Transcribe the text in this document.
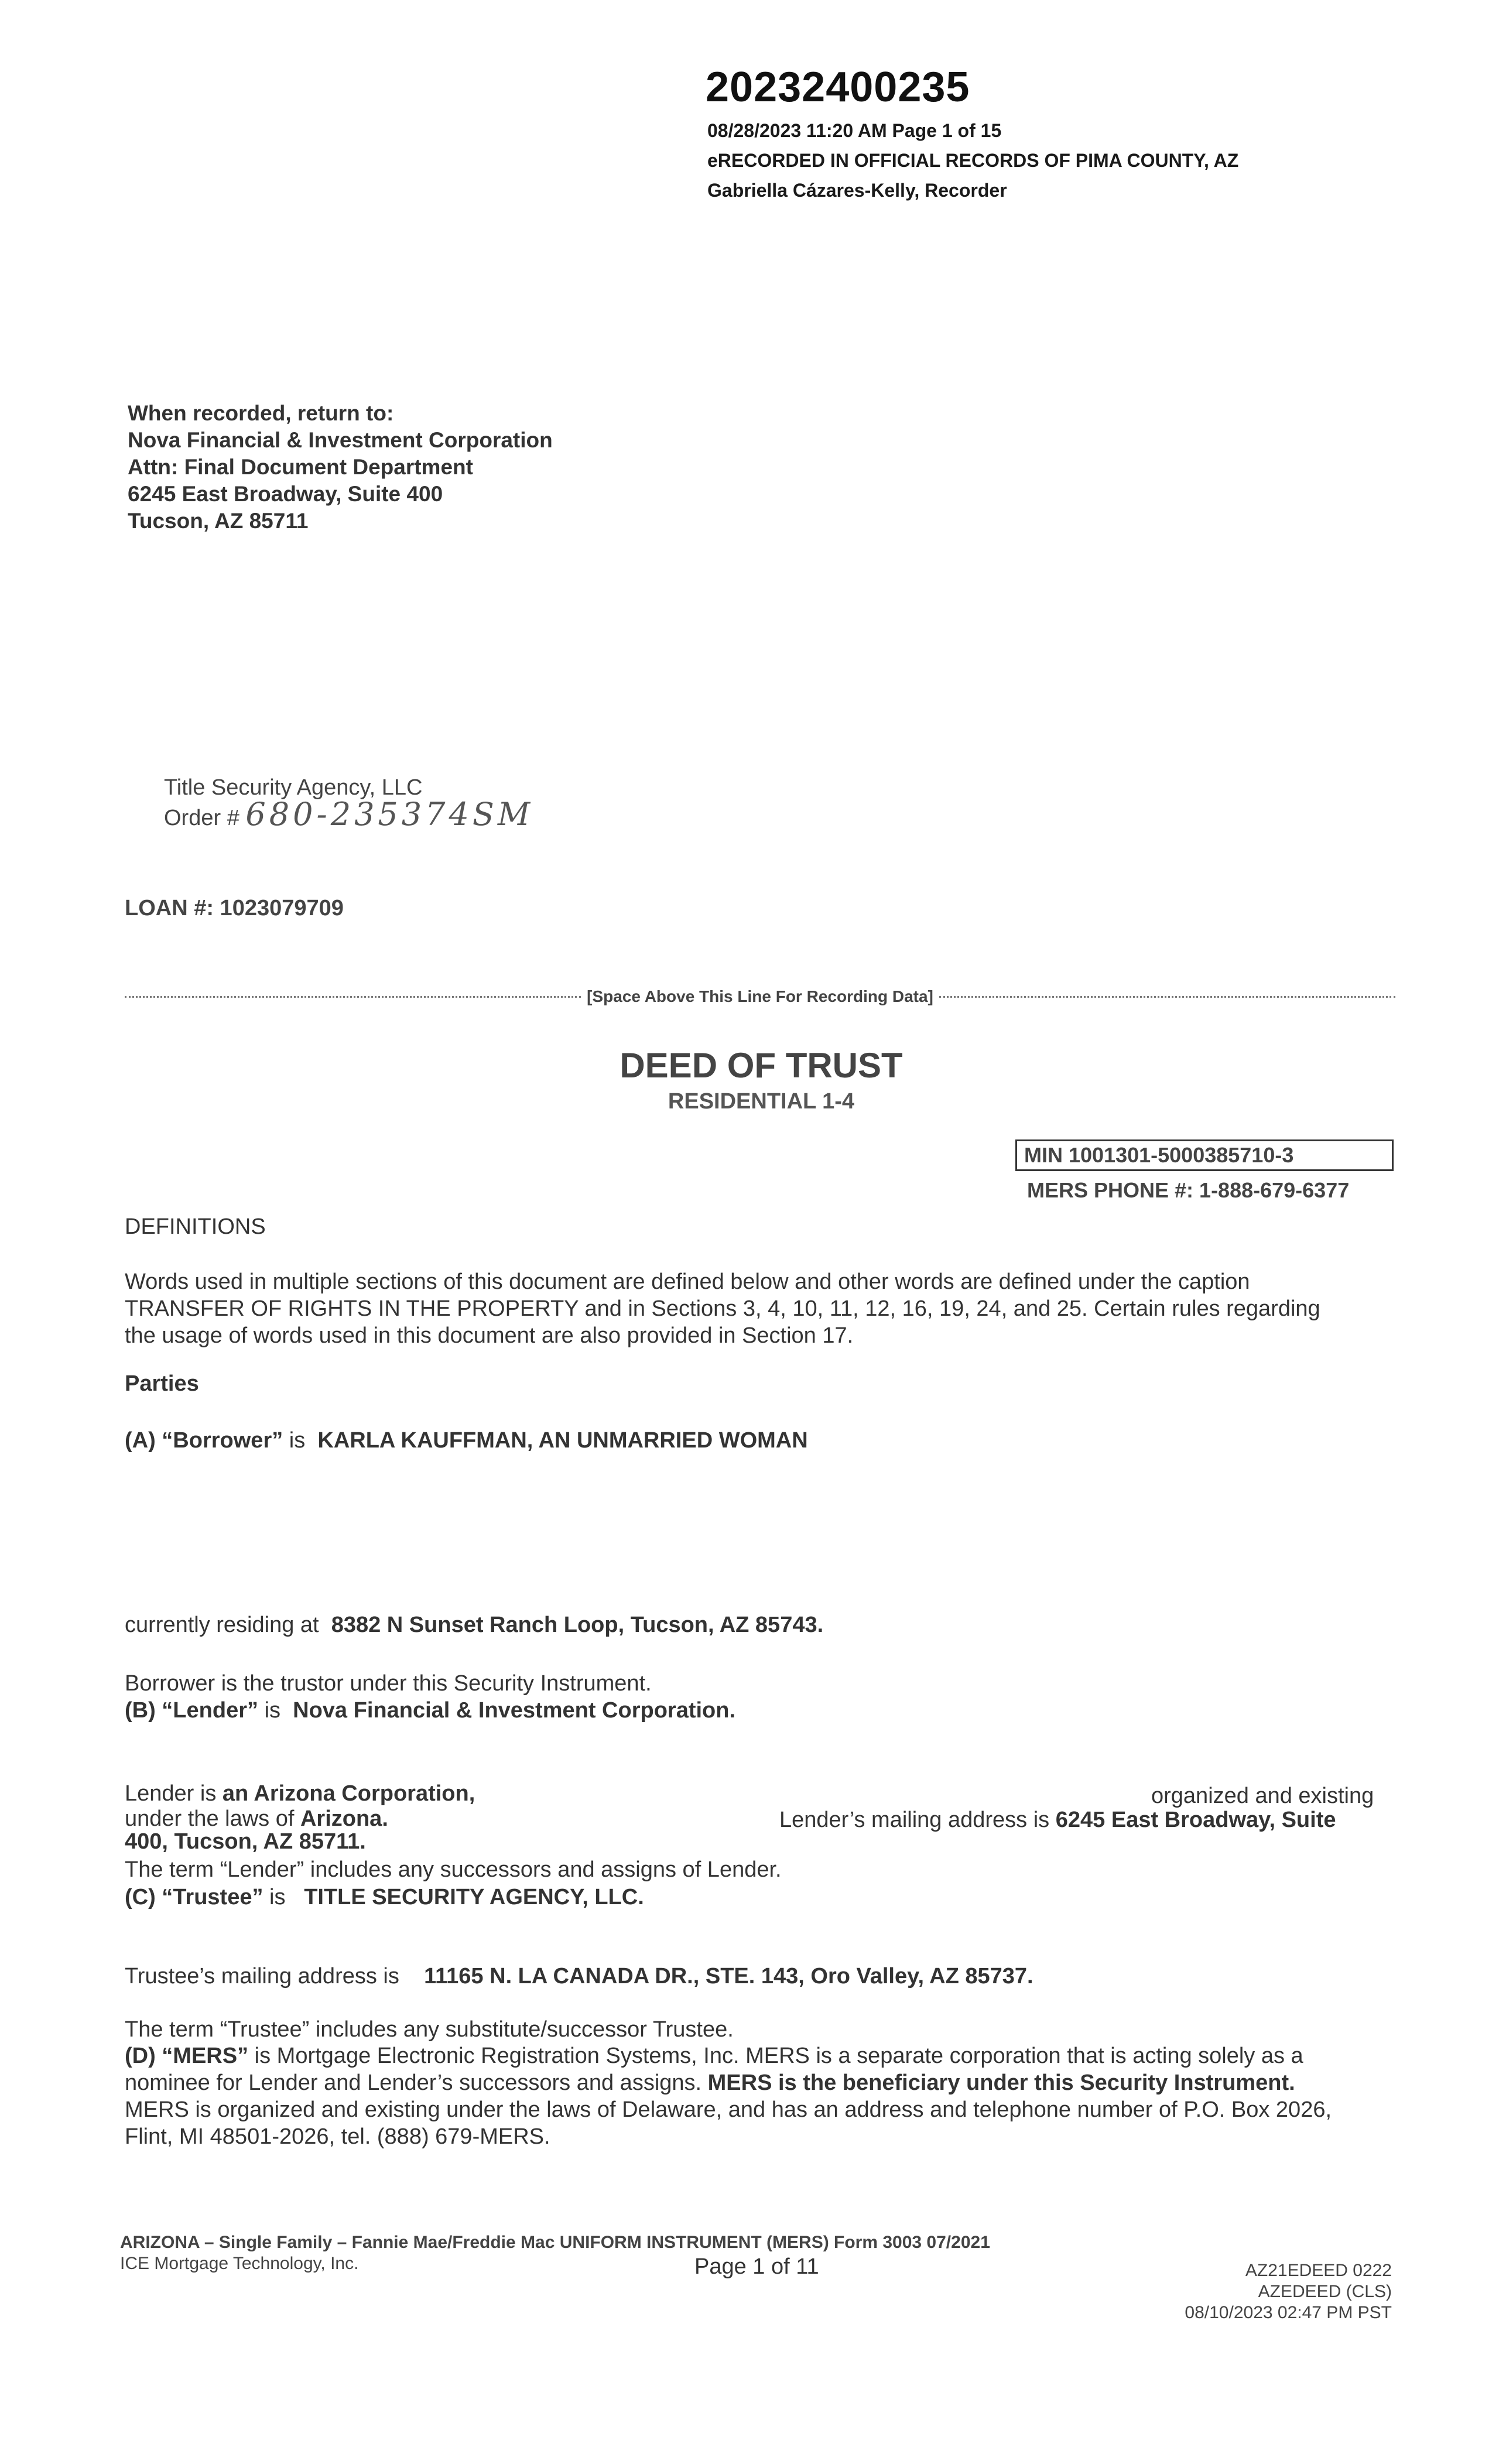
20232400235
08/28/2023 11:20 AM Page 1 of 15
eRECORDED IN OFFICIAL RECORDS OF PIMA COUNTY, AZ
Gabriella Cázares-Kelly, Recorder
When recorded, return to:
Nova Financial & Investment Corporation
Attn: Final Document Department
6245 East Broadway, Suite 400
Tucson, AZ 85711
Title Security Agency, LLC
Order # 680-235374SM
LOAN #: 1023079709
[Space Above This Line For Recording Data]
DEED OF TRUST
RESIDENTIAL 1-4
MIN 1001301-5000385710-3
MERS PHONE #: 1-888-679-6377
DEFINITIONS
Words used in multiple sections of this document are defined below and other words are defined under the caption
TRANSFER OF RIGHTS IN THE PROPERTY and in Sections 3, 4, 10, 11, 12, 16, 19, 24, and 25. Certain rules regarding
the usage of words used in this document are also provided in Section 17.
Parties
(A) “Borrower” is KARLA KAUFFMAN, AN UNMARRIED WOMAN
currently residing at 8382 N Sunset Ranch Loop, Tucson, AZ 85743.
Borrower is the trustor under this Security Instrument.
(B) “Lender” is Nova Financial & Investment Corporation.
Lender is an Arizona Corporation,	organized and existing
under the laws of Arizona.	Lender’s mailing address is 6245 East Broadway, Suite
400, Tucson, AZ 85711.
The term “Lender” includes any successors and assigns of Lender.
(C) “Trustee” is TITLE SECURITY AGENCY, LLC.
Trustee’s mailing address is 11165 N. LA CANADA DR., STE. 143, Oro Valley, AZ 85737.
The term “Trustee” includes any substitute/successor Trustee.
(D) “MERS” is Mortgage Electronic Registration Systems, Inc. MERS is a separate corporation that is acting solely as a
nominee for Lender and Lender’s successors and assigns. MERS is the beneficiary under this Security Instrument.
MERS is organized and existing under the laws of Delaware, and has an address and telephone number of P.O. Box 2026,
Flint, MI 48501-2026, tel. (888) 679-MERS.
ARIZONA – Single Family – Fannie Mae/Freddie Mac UNIFORM INSTRUMENT (MERS) Form 3003 07/2021
ICE Mortgage Technology, Inc.	Page 1 of 11	AZ21EDEED 0222
AZEDEED (CLS)
08/10/2023 02:47 PM PST
